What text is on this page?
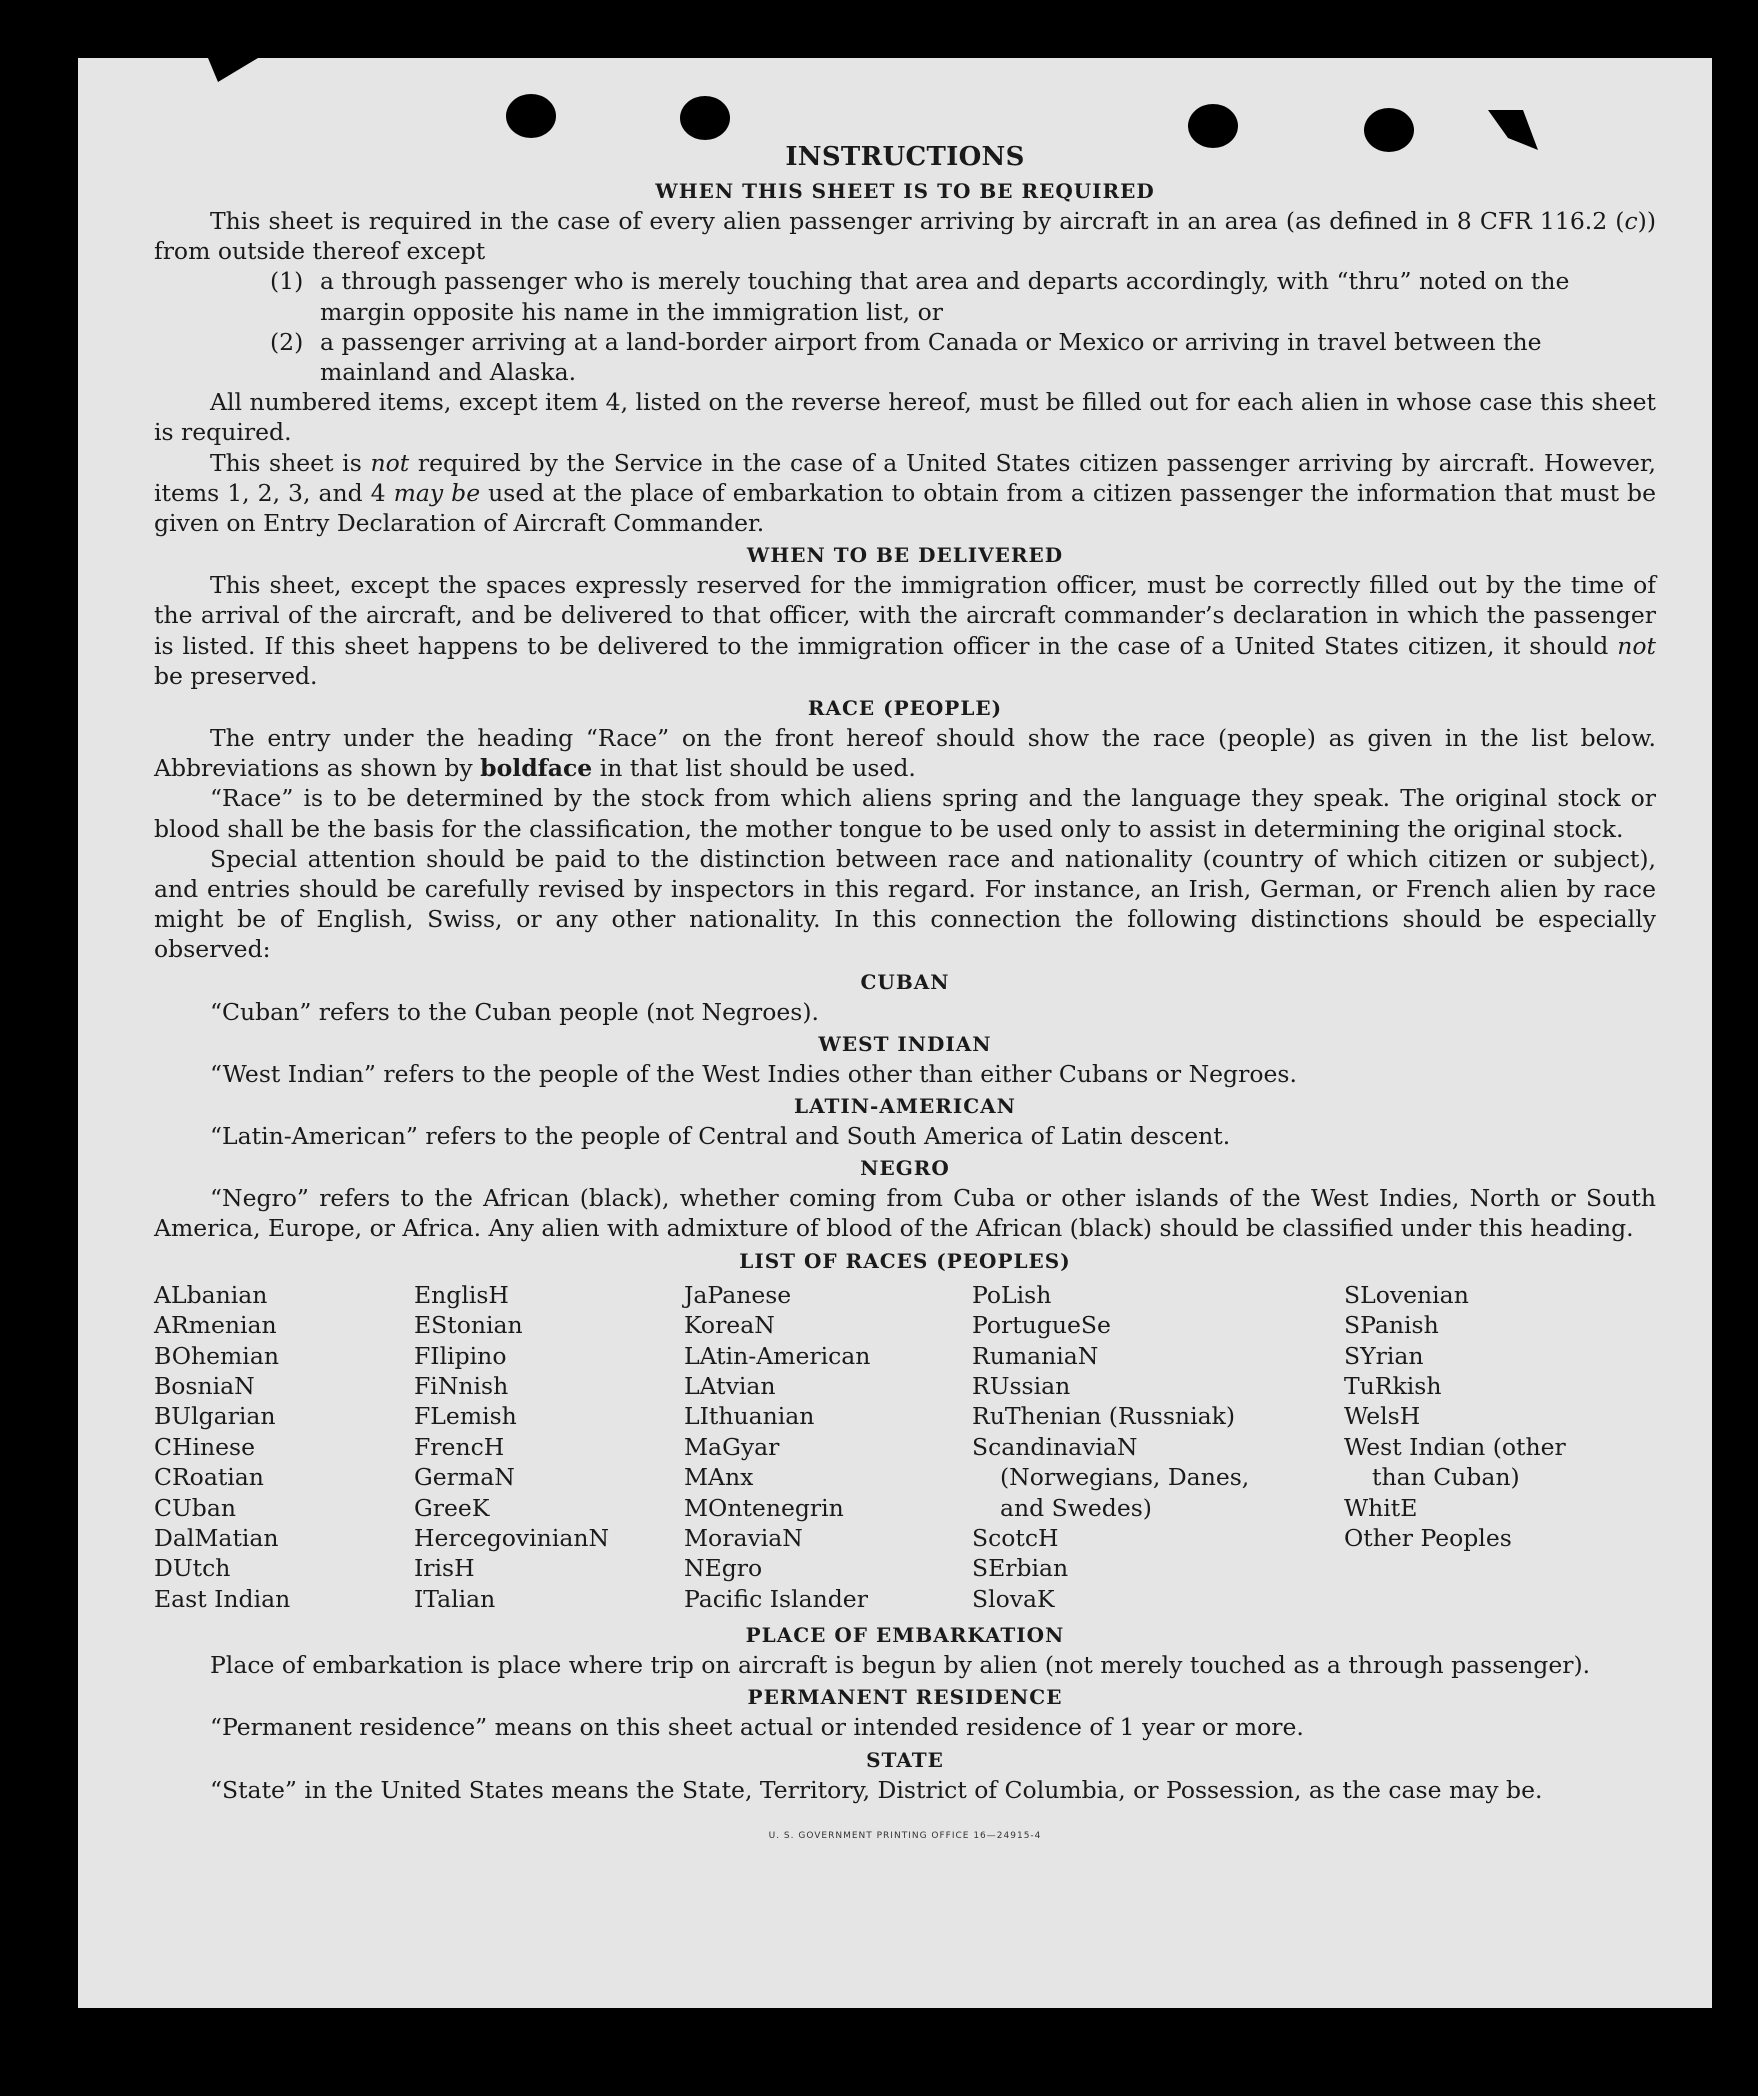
INSTRUCTIONS
WHEN THIS SHEET IS TO BE REQUIRED

This sheet is required in the case of every alien passenger arriving by aircraft in an area (as defined in 8 CFR 116.2 (c)) from outside thereof except

(1) a through passenger who is merely touching that area and departs accordingly, with “thru” noted on the margin opposite his name in the immigration list, or
(2) a passenger arriving at a land-border airport from Canada or Mexico or arriving in travel between the mainland and Alaska.

All numbered items, except item 4, listed on the reverse hereof, must be filled out for each alien in whose case this sheet is required.

This sheet is not required by the Service in the case of a United States citizen passenger arriving by aircraft. However, items 1, 2, 3, and 4 may be used at the place of embarkation to obtain from a citizen passenger the information that must be given on Entry Declaration of Aircraft Commander.

WHEN TO BE DELIVERED

This sheet, except the spaces expressly reserved for the immigration officer, must be correctly filled out by the time of the arrival of the aircraft, and be delivered to that officer, with the aircraft commander’s declaration in which the passenger is listed. If this sheet happens to be delivered to the immigration officer in the case of a United States citizen, it should not be preserved.

RACE (PEOPLE)

The entry under the heading “Race” on the front hereof should show the race (people) as given in the list below. Abbreviations as shown by boldface in that list should be used.

“Race” is to be determined by the stock from which aliens spring and the language they speak. The original stock or blood shall be the basis for the classification, the mother tongue to be used only to assist in determining the original stock.

Special attention should be paid to the distinction between race and nationality (country of which citizen or subject), and entries should be carefully revised by inspectors in this regard. For instance, an Irish, German, or French alien by race might be of English, Swiss, or any other nationality. In this connection the following distinctions should be especially observed:

CUBAN

“Cuban” refers to the Cuban people (not Negroes).

WEST INDIAN

“West Indian” refers to the people of the West Indies other than either Cubans or Negroes.

LATIN-AMERICAN

“Latin-American” refers to the people of Central and South America of Latin descent.

NEGRO

“Negro” refers to the African (black), whether coming from Cuba or other islands of the West Indies, North or South America, Europe, or Africa. Any alien with admixture of blood of the African (black) should be classified under this heading.

LIST OF RACES (PEOPLES)
ALbanian
ARmenian
BOhemian
BosniaN
BUlgarian
CHinese
CRoatian
CUban
DalMatian
DUtch
East Indian
EnglisH
EStonian
FIlipino
FiNnish
FLemish
FrencH
GermaN
GreeK
HercegovinianN
IrisH
ITalian
JaPanese
KoreaN
LAtin-American
LAtvian
LIthuanian
MaGyar
MAnx
MOntenegrin
MoraviaN
NEgro
Pacific Islander
PoLish
PortugueSe
RumaniaN
RUssian
RuThenian (Russniak)
ScandinaviaN (Norwegians, Danes, and Swedes)
ScotcH
SErbian
SlovaK
SLovenian
SPanish
SYrian
TuRkish
WelsH
West Indian (other than Cuban)
WhitE
Other Peoples
PLACE OF EMBARKATION

Place of embarkation is place where trip on aircraft is begun by alien (not merely touched as a through passenger).

PERMANENT RESIDENCE

“Permanent residence” means on this sheet actual or intended residence of 1 year or more.

STATE

“State” in the United States means the State, Territory, District of Columbia, or Possession, as the case may be.

U. S. GOVERNMENT PRINTING OFFICE 16—24915-4
